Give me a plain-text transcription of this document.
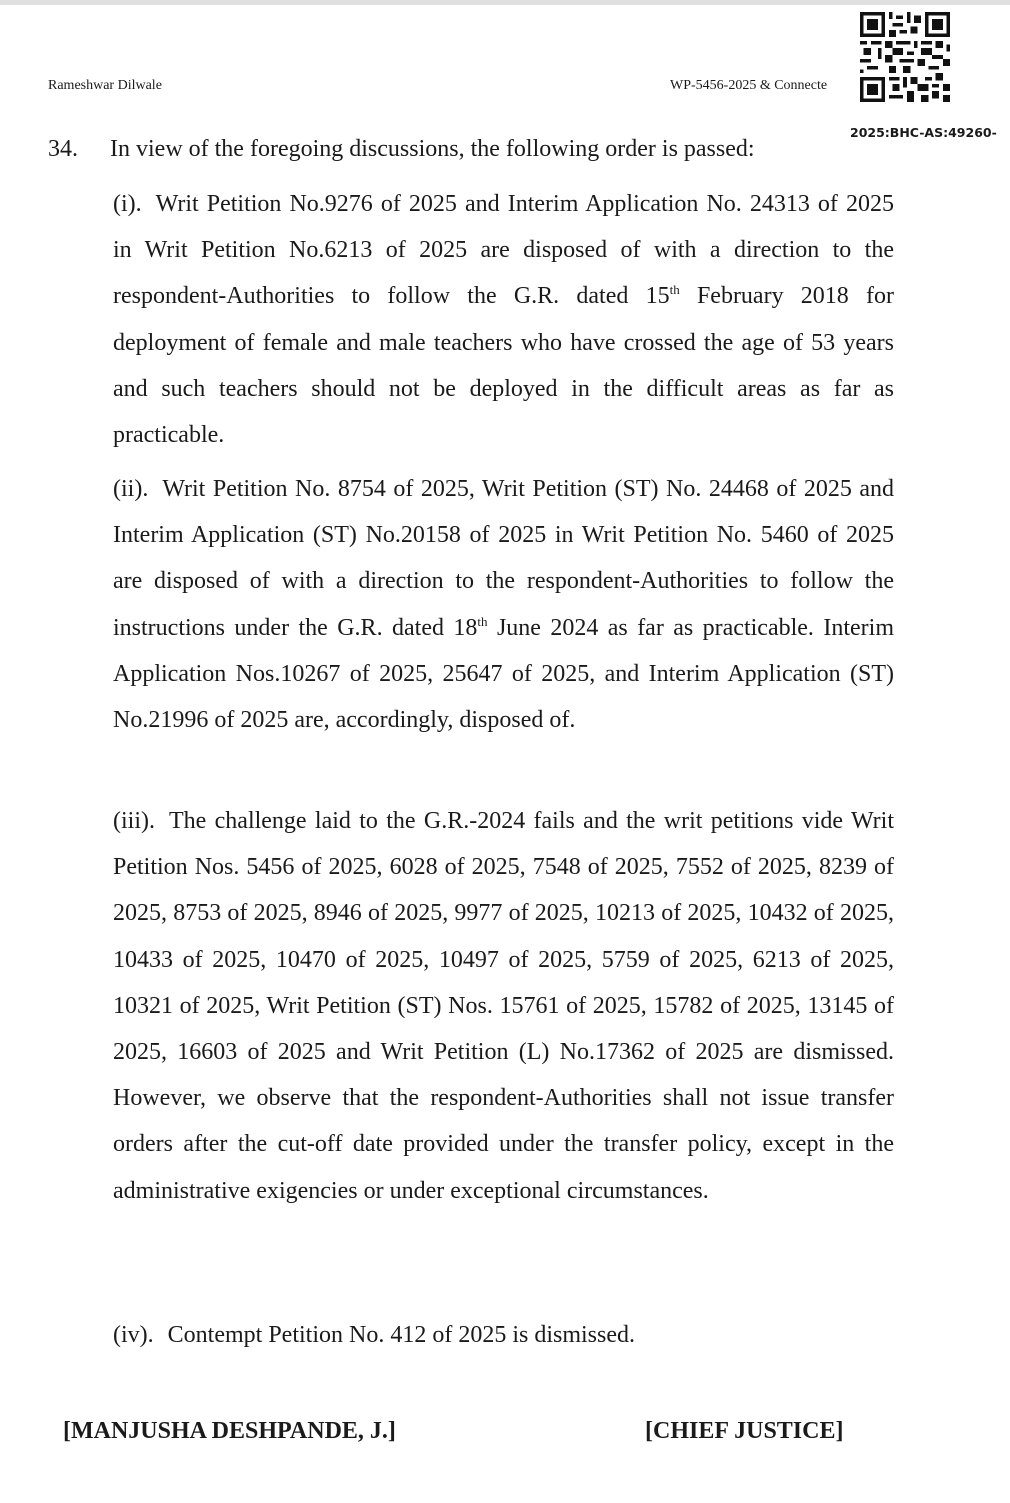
Rameshwar Dilwale	WP-5456-2025 & Connecte
2025:BHC-AS:49260-
34. In view of the foregoing discussions, the following order is passed:

(i). Writ Petition No.9276 of 2025 and Interim Application No. 24313 of 2025 in Writ Petition No.6213 of 2025 are disposed of with a direction to the respondent-Authorities to follow the G.R. dated 15th February 2018 for deployment of female and male teachers who have crossed the age of 53 years and such teachers should not be deployed in the difficult areas as far as practicable.

(ii). Writ Petition No. 8754 of 2025, Writ Petition (ST) No. 24468 of 2025 and Interim Application (ST) No.20158 of 2025 in Writ Petition No. 5460 of 2025 are disposed of with a direction to the respondent-Authorities to follow the instructions under the G.R. dated 18th June 2024 as far as practicable. Interim Application Nos.10267 of 2025, 25647 of 2025, and Interim Application (ST) No.21996 of 2025 are, accordingly, disposed of.

(iii). The challenge laid to the G.R.-2024 fails and the writ petitions vide Writ Petition Nos. 5456 of 2025, 6028 of 2025, 7548 of 2025, 7552 of 2025, 8239 of 2025, 8753 of 2025, 8946 of 2025, 9977 of 2025, 10213 of 2025, 10432 of 2025, 10433 of 2025, 10470 of 2025, 10497 of 2025, 5759 of 2025, 6213 of 2025, 10321 of 2025, Writ Petition (ST) Nos. 15761 of 2025, 15782 of 2025, 13145 of 2025, 16603 of 2025 and Writ Petition (L) No.17362 of 2025 are dismissed. However, we observe that the respondent-Authorities shall not issue transfer orders after the cut-off date provided under the transfer policy, except in the administrative exigencies or under exceptional circumstances.

(iv). Contempt Petition No. 412 of 2025 is dismissed.

[MANJUSHA DESHPANDE, J.]	[CHIEF JUSTICE]
